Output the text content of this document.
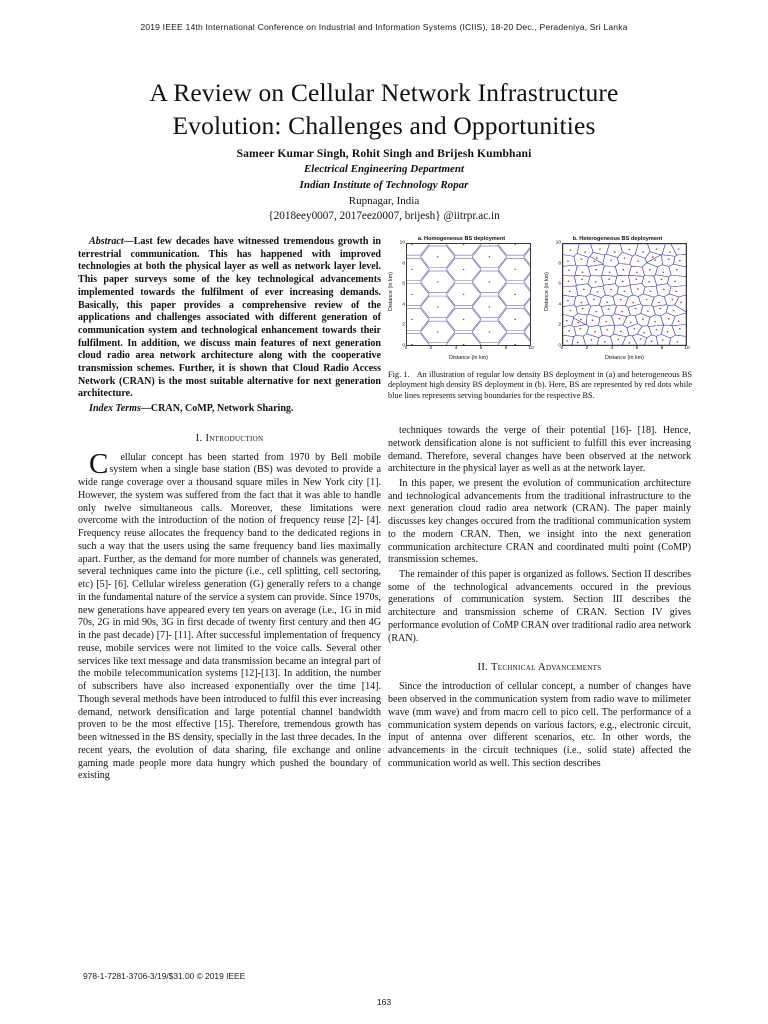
2019 IEEE 14th International Conference on Industrial and Information Systems (ICIIS), 18-20 Dec., Peradeniya, Sri Lanka
A Review on Cellular Network Infrastructure
Evolution: Challenges and Opportunities
Sameer Kumar Singh, Rohit Singh and Brijesh Kumbhani
Electrical Engineering Department
Indian Institute of Technology Ropar
Rupnagar, India
{2018eey0007, 2017eez0007, brijesh} @iitrpr.ac.in

Abstract—Last few decades have witnessed tremendous growth in terrestrial communication. This has happened with improved technologies at both the physical layer as well as network layer level. This paper surveys some of the key technological advancements implemented towards the fulfilment of ever increasing demands. Basically, this paper provides a comprehensive review of the applications and challenges associated with different generation of communication system and technological enhancement towards their fulfilment. In addition, we discuss main features of next generation cloud radio area network architecture along with the cooperative transmission schemes. Further, it is shown that Cloud Radio Access Network (CRAN) is the most suitable alternative for next generation architecture.

Index Terms—CRAN, CoMP, Network Sharing.

I. Introduction

C ellular concept has been started from 1970 by Bell mobile system when a single base station (BS) was devoted to provide a wide range coverage over a thousand square miles in New York city [1]. However, the system was suffered from the fact that it was able to handle only twelve simultaneous calls. Moreover, these limitations were overcome with the introduction of the notion of frequency reuse [2]- [4]. Frequency reuse allocates the frequency band to the dedicated regions in such a way that the users using the same frequency band lies maximally apart. Further, as the demand for more number of channels was generated, several techniques came into the picture (i.e., cell splitting, cell sectoring, etc) [5]- [6]. Cellular wireless generation (G) generally refers to a change in the fundamental nature of the service a system can provide. Since 1970s, new generations have appeared every ten years on average (i.e., 1G in mid 70s, 2G in mid 90s, 3G in first decade of twenty first century and then 4G in the past decade) [7]- [11]. After successful implementation of frequency reuse, mobile services were not limited to the voice calls. Several other services like text message and data transmission became an integral part of the mobile telecommunication systems [12]-[13]. In addition, the number of subscribers have also increased exponentially over the time [14]. Though several methods have been introduced to fulfil this ever increasing demand, network densification and large potential channel bandwidth proven to be the most effective [15]. Therefore, tremendous growth has been witnessed in the BS density, specially in the last three decades. In the recent years, the evolution of data sharing, file exchange and online gaming made people more data hungry which pushed the boundary of existing

a. Homogeneous BS deployment
Distance (in km)
0
2
4
6
8
10
0	2	4	6	8	10
Distance (in km)
b. Heterogeneous BS deployment
Distance (in km)
0
2
4
6
8
10
0	2	4	6	8	10
Distance (in km)
Fig. 1. An illustration of regular low density BS deployment in (a) and heterogeneous BS deployment high density BS deployment in (b). Here, BS are represented by red dots while blue lines represents serving boundaries for the respective BS.

techniques towards the verge of their potential [16]- [18]. Hence, network densification alone is not sufficient to fulfill this ever increasing demand. Therefore, several changes have been observed at the network architecture in the physical layer as well as at the network layer.

In this paper, we present the evolution of communication architecture and technological advancements from the traditional infrastructure to the next generation cloud radio area network (CRAN). The paper mainly discusses key changes occured from the traditional communication system to the modern CRAN. Then, we insight into the next generation communication architecture CRAN and coordinated multi point (CoMP) transmission schemes.

The remainder of this paper is organized as follows. Section II describes some of the technological advancements occured in the previous generations of communication system. Section III describes the architecture and transmission scheme of CRAN. Section IV gives performance evolution of CoMP CRAN over traditional radio area network (RAN).

II. Technical Advancements

Since the introduction of cellular concept, a number of changes have been observed in the communication system from radio wave to milimeter wave (mm wave) and from macro cell to pico cell. The performance of a communication system depends on various factors, e.g., electronic circuit, input of antenna over different scenarios, etc. In other words, the advancements in the circuit techniques (i.e., solid state) affected the communication world as well. This section describes

978-1-7281-3706-3/19/$31.00 © 2019 IEEE
163
